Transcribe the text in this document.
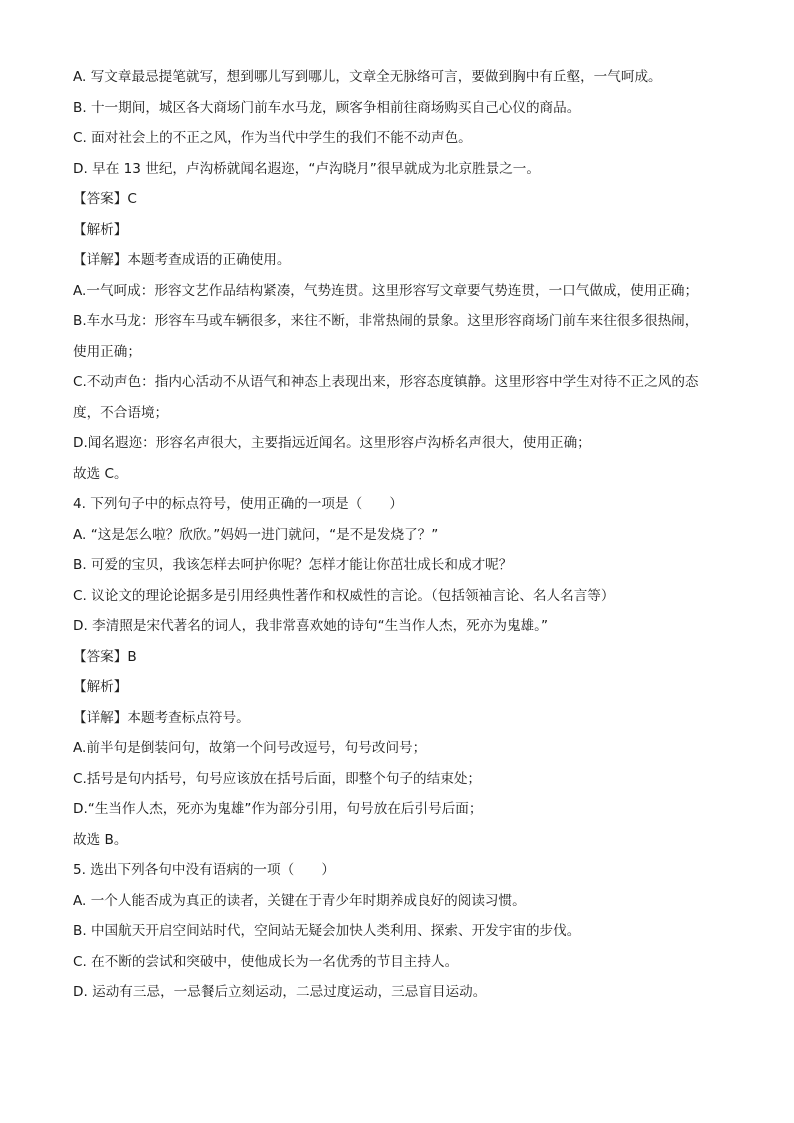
A. 写文章最忌提笔就写，想到哪儿写到哪儿，文章全无脉络可言，要做到胸中有丘壑，一气呵成。
B. 十一期间，城区各大商场门前车水马龙，顾客争相前往商场购买自己心仪的商品。
C. 面对社会上的不正之风，作为当代中学生的我们不能不动声色。
D. 早在 13 世纪，卢沟桥就闻名遐迩，“卢沟晓月”很早就成为北京胜景之一。
【答案】C
【解析】
【详解】本题考查成语的正确使用。
A.一气呵成：形容文艺作品结构紧凑，气势连贯。这里形容写文章要气势连贯，一口气做成，使用正确；
B.车水马龙：形容车马或车辆很多，来往不断，非常热闹的景象。这里形容商场门前车来往很多很热闹，
使用正确；
C.不动声色：指内心活动不从语气和神态上表现出来，形容态度镇静。这里形容中学生对待不正之风的态
度，不合语境；
D.闻名遐迩：形容名声很大，主要指远近闻名。这里形容卢沟桥名声很大，使用正确；
故选 C。
4. 下列句子中的标点符号，使用正确的一项是（　　）
A. “这是怎么啦？欣欣。”妈妈一进门就问，“是不是发烧了？”
B. 可爱的宝贝，我该怎样去呵护你呢？怎样才能让你茁壮成长和成才呢？
C. 议论文的理论论据多是引用经典性著作和权威性的言论。（包括领袖言论、名人名言等）
D. 李清照是宋代著名的词人，我非常喜欢她的诗句“生当作人杰，死亦为鬼雄。”
【答案】B
【解析】
【详解】本题考查标点符号。
A.前半句是倒装问句，故第一个问号改逗号，句号改问号；
C.括号是句内括号，句号应该放在括号后面，即整个句子的结束处；
D.“生当作人杰，死亦为鬼雄”作为部分引用，句号放在后引号后面；
故选 B。
5. 选出下列各句中没有语病的一项（　　）
A. 一个人能否成为真正的读者，关键在于青少年时期养成良好的阅读习惯。
B. 中国航天开启空间站时代，空间站无疑会加快人类利用、探索、开发宇宙的步伐。
C. 在不断的尝试和突破中，使他成长为一名优秀的节目主持人。
D. 运动有三忌，一忌餐后立刻运动，二忌过度运动，三忌盲目运动。
